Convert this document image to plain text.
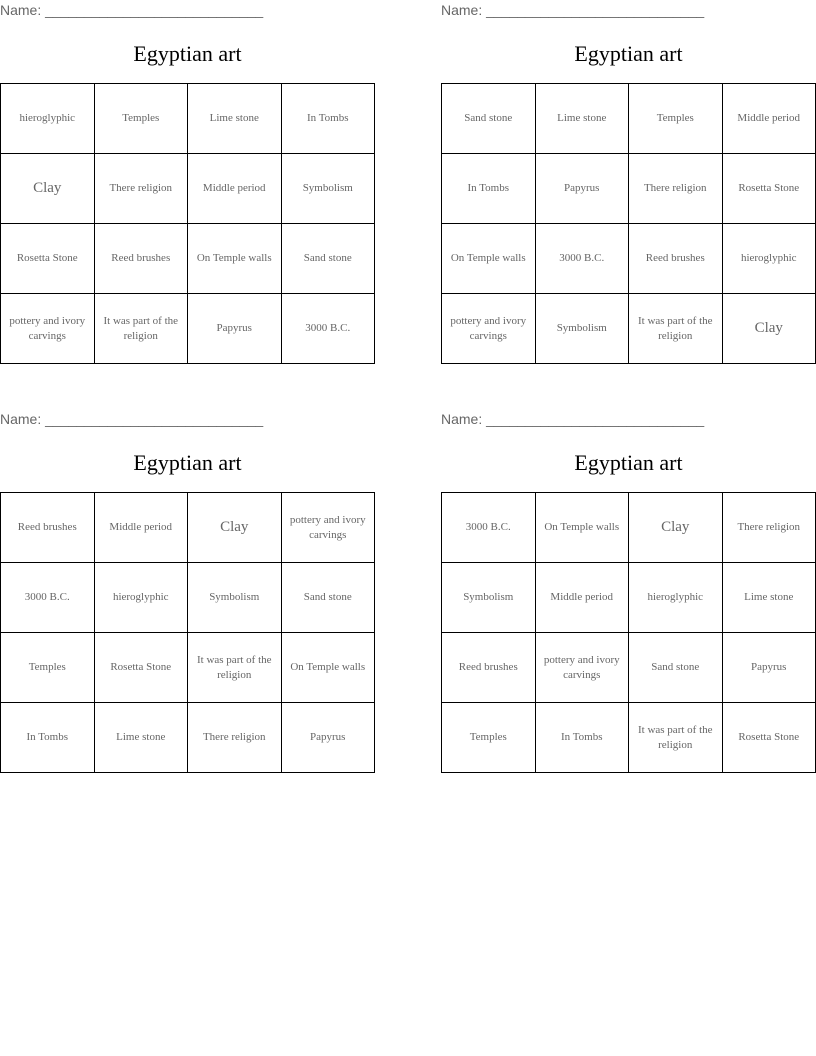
Name: ____________________________
Egyptian art
hieroglyphic	Temples	Lime stone	In Tombs
Clay	There religion	Middle period	Symbolism
Rosetta Stone	Reed brushes	On Temple walls	Sand stone
pottery and ivory carvings	It was part of the religion	Papyrus	3000 B.C.
Name: ____________________________
Egyptian art
Sand stone	Lime stone	Temples	Middle period
In Tombs	Papyrus	There religion	Rosetta Stone
On Temple walls	3000 B.C.	Reed brushes	hieroglyphic
pottery and ivory carvings	Symbolism	It was part of the religion	Clay
Name: ____________________________
Egyptian art
Reed brushes	Middle period	Clay	pottery and ivory carvings
3000 B.C.	hieroglyphic	Symbolism	Sand stone
Temples	Rosetta Stone	It was part of the religion	On Temple walls
In Tombs	Lime stone	There religion	Papyrus
Name: ____________________________
Egyptian art
3000 B.C.	On Temple walls	Clay	There religion
Symbolism	Middle period	hieroglyphic	Lime stone
Reed brushes	pottery and ivory carvings	Sand stone	Papyrus
Temples	In Tombs	It was part of the religion	Rosetta Stone
